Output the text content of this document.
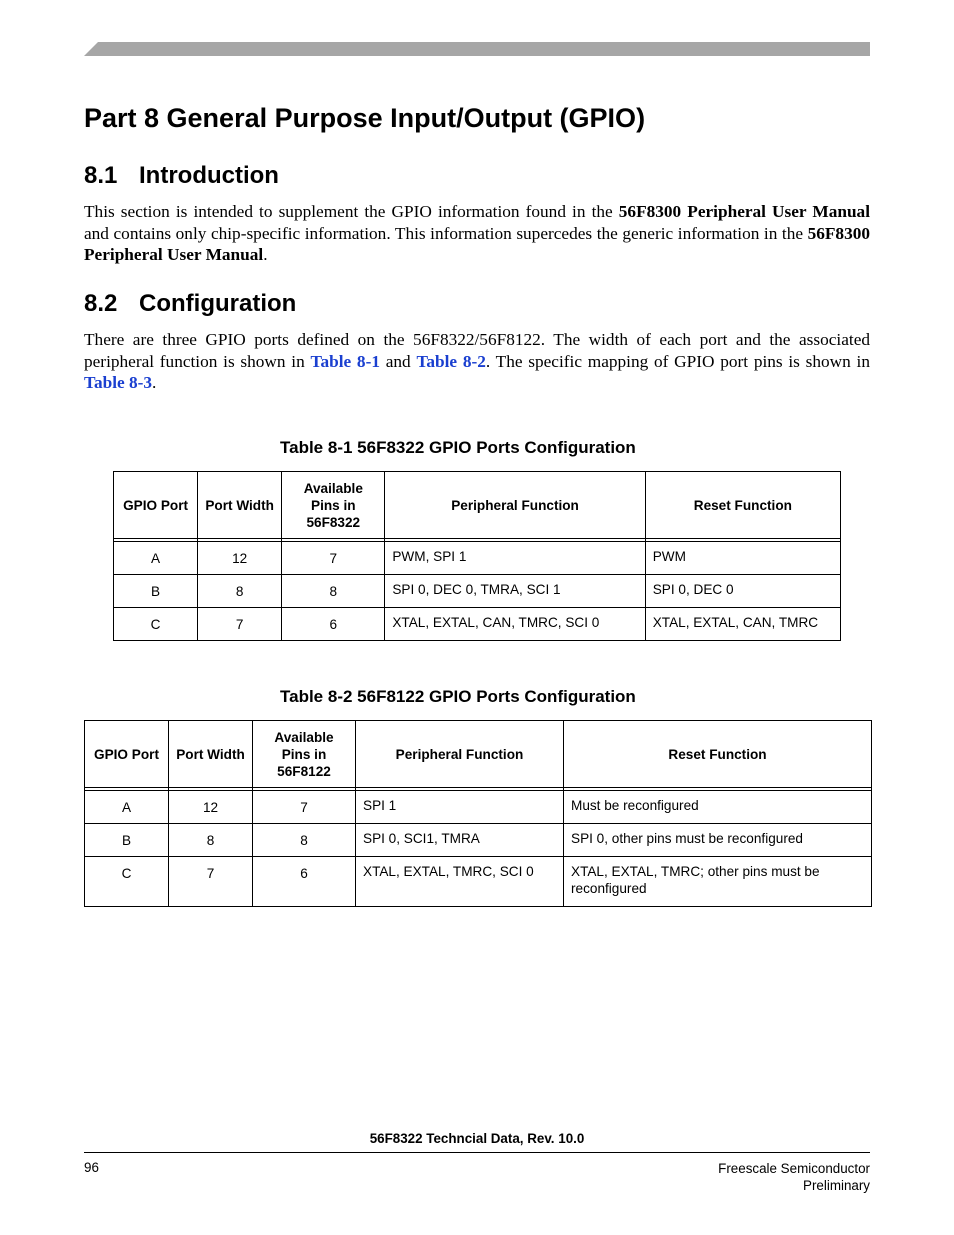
Part 8 General Purpose Input/Output (GPIO)
8.1 Introduction

This section is intended to supplement the GPIO information found in the 56F8300 Peripheral User Manual and contains only chip-specific information. This information supercedes the generic information in the 56F8300 Peripheral User Manual.

8.2 Configuration

There are three GPIO ports defined on the 56F8322/56F8122. The width of each port and the associated peripheral function is shown in Table 8-1 and Table 8-2. The specific mapping of GPIO port pins is shown in Table 8-3.

Table 8-1 56F8322 GPIO Ports Configuration
GPIO Port	Port Width	Available Pins in 56F8322	Peripheral Function	Reset Function

A	12	7	PWM, SPI 1	PWM
B	8	8	SPI 0, DEC 0, TMRA, SCI 1	SPI 0, DEC 0
C	7	6	XTAL, EXTAL, CAN, TMRC, SCI 0	XTAL, EXTAL, CAN, TMRC
Table 8-2 56F8122 GPIO Ports Configuration
GPIO Port	Port Width	Available Pins in 56F8122	Peripheral Function	Reset Function

A	12	7	SPI 1	Must be reconfigured
B	8	8	SPI 0, SCI1, TMRA	SPI 0, other pins must be reconfigured
C	7	6	XTAL, EXTAL, TMRC, SCI 0	XTAL, EXTAL, TMRC; other pins must be reconfigured
56F8322 Techncial Data, Rev. 10.0
96	Freescale Semiconductor
Preliminary
